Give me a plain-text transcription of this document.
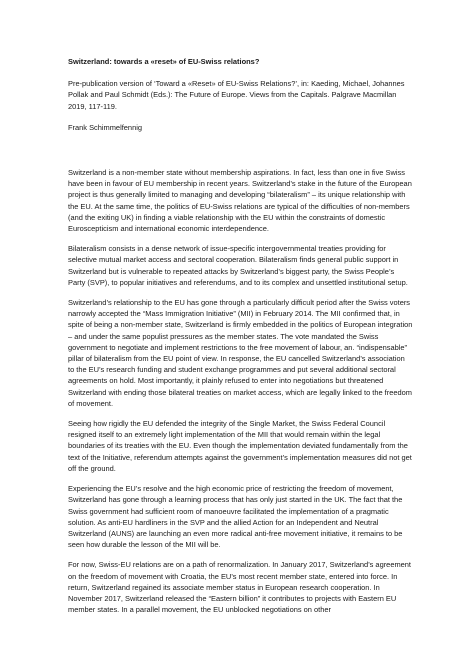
Switzerland: towards a «reset» of EU-Swiss relations?

Pre-publication version of ‘Toward a «Reset» of EU-Swiss Relations?’, in: Kaeding, Michael, Johannes Pollak and Paul Schmidt (Eds.): The Future of Europe. Views from the Capitals. Palgrave Macmillan 2019, 117-119.

Frank Schimmelfennig

Switzerland is a non-member state without membership aspirations. In fact, less than one in five Swiss have been in favour of EU membership in recent years. Switzerland’s stake in the future of the European project is thus generally limited to managing and developing “bilateralism” – its unique relationship with the EU. At the same time, the politics of EU-Swiss relations are typical of the difficulties of non-members (and the exiting UK) in finding a viable relationship with the EU within the constraints of domestic Euroscepticism and international economic interdependence.

Bilateralism consists in a dense network of issue-specific intergovernmental treaties providing for selective mutual market access and sectoral cooperation. Bilateralism finds general public support in Switzerland but is vulnerable to repeated attacks by Switzerland’s biggest party, the Swiss People’s Party (SVP), to popular initiatives and referendums, and to its complex and unsettled institutional setup.

Switzerland’s relationship to the EU has gone through a particularly difficult period after the Swiss voters narrowly accepted the “Mass Immigration Initiative” (MII) in February 2014. The MII confirmed that, in spite of being a non-member state, Switzerland is firmly embedded in the politics of European integration – and under the same populist pressures as the member states. The vote mandated the Swiss government to negotiate and implement restrictions to the free movement of labour, an. “indispensable” pillar of bilateralism from the EU point of view. In response, the EU cancelled Switzerland’s association to the EU’s research funding and student exchange programmes and put several additional sectoral agreements on hold. Most importantly, it plainly refused to enter into negotiations but threatened Switzerland with ending those bilateral treaties on market access, which are legally linked to the freedom of movement.

Seeing how rigidly the EU defended the integrity of the Single Market, the Swiss Federal Council resigned itself to an extremely light implementation of the MII that would remain within the legal boundaries of its treaties with the EU. Even though the implementation deviated fundamentally from the text of the Initiative, referendum attempts against the government’s implementation measures did not get off the ground.

Experiencing the EU’s resolve and the high economic price of restricting the freedom of movement, Switzerland has gone through a learning process that has only just started in the UK. The fact that the Swiss government had sufficient room of manoeuvre facilitated the implementation of a pragmatic solution. As anti-EU hardliners in the SVP and the allied Action for an Independent and Neutral Switzerland (AUNS) are launching an even more radical anti-free movement initiative, it remains to be seen how durable the lesson of the MII will be.

For now, Swiss-EU relations are on a path of renormalization. In January 2017, Switzerland’s agreement on the freedom of movement with Croatia, the EU’s most recent member state, entered into force. In return, Switzerland regained its associate member status in European research cooperation. In November 2017, Switzerland released the “Eastern billion” it contributes to projects with Eastern EU member states. In a parallel movement, the EU unblocked negotiations on other
